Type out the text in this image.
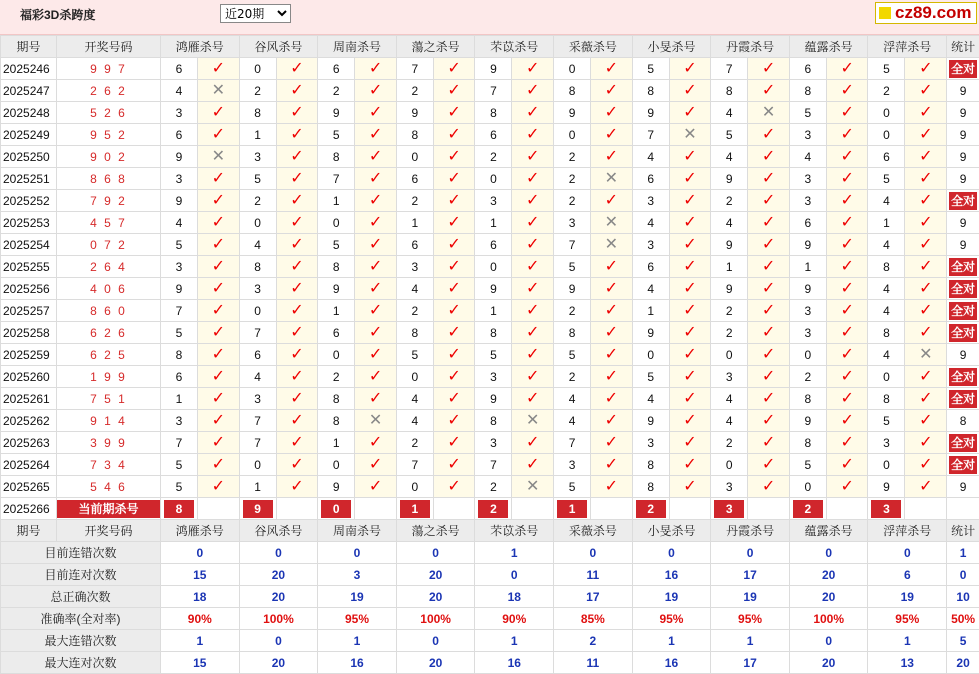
福彩3D杀跨度
近20期	cz89.com
期号	开奖号码	鸿雁杀号		谷风杀号		周南杀号		蕩之杀号		芣苡杀号		采薇杀号		小旻杀号		丹霞杀号		蕴露杀号		浮萍杀号		统计
2025246	9 9 7	6	✓	0	✓	6	✓	7	✓	9	✓	0	✓	5	✓	7	✓	6	✓	5	✓	全对
2025247	2 6 2	4	✕	2	✓	2	✓	2	✓	7	✓	8	✓	8	✓	8	✓	8	✓	2	✓	9
2025248	5 2 6	3	✓	8	✓	9	✓	9	✓	8	✓	9	✓	9	✓	4	✕	5	✓	0	✓	9
2025249	9 5 2	6	✓	1	✓	5	✓	8	✓	6	✓	0	✓	7	✕	5	✓	3	✓	0	✓	9
2025250	9 0 2	9	✕	3	✓	8	✓	0	✓	2	✓	2	✓	4	✓	4	✓	4	✓	6	✓	9
2025251	8 6 8	3	✓	5	✓	7	✓	6	✓	0	✓	2	✕	6	✓	9	✓	3	✓	5	✓	9
2025252	7 9 2	9	✓	2	✓	1	✓	2	✓	3	✓	2	✓	3	✓	2	✓	3	✓	4	✓	全对
2025253	4 5 7	4	✓	0	✓	0	✓	1	✓	1	✓	3	✕	4	✓	4	✓	6	✓	1	✓	9
2025254	0 7 2	5	✓	4	✓	5	✓	6	✓	6	✓	7	✕	3	✓	9	✓	9	✓	4	✓	9
2025255	2 6 4	3	✓	8	✓	8	✓	3	✓	0	✓	5	✓	6	✓	1	✓	1	✓	8	✓	全对
2025256	4 0 6	9	✓	3	✓	9	✓	4	✓	9	✓	9	✓	4	✓	9	✓	9	✓	4	✓	全对
2025257	8 6 0	7	✓	0	✓	1	✓	2	✓	1	✓	2	✓	1	✓	2	✓	3	✓	4	✓	全对
2025258	6 2 6	5	✓	7	✓	6	✓	8	✓	8	✓	8	✓	9	✓	2	✓	3	✓	8	✓	全对
2025259	6 2 5	8	✓	6	✓	0	✓	5	✓	5	✓	5	✓	0	✓	0	✓	0	✓	4	✕	9
2025260	1 9 9	6	✓	4	✓	2	✓	0	✓	3	✓	2	✓	5	✓	3	✓	2	✓	0	✓	全对
2025261	7 5 1	1	✓	3	✓	8	✓	4	✓	9	✓	4	✓	4	✓	4	✓	8	✓	8	✓	全对
2025262	9 1 4	3	✓	7	✓	8	✕	4	✓	8	✕	4	✓	9	✓	4	✓	9	✓	5	✓	8
2025263	3 9 9	7	✓	7	✓	1	✓	2	✓	3	✓	7	✓	3	✓	2	✓	8	✓	3	✓	全对
2025264	7 3 4	5	✓	0	✓	0	✓	7	✓	7	✓	3	✓	8	✓	0	✓	5	✓	0	✓	全对
2025265	5 4 6	5	✓	1	✓	9	✓	0	✓	2	✕	5	✓	8	✓	3	✓	0	✓	9	✓	9
2025266	当前期杀号	8		9		0		1		2		1		2		3		2		3		
期号	开奖号码	鸿雁杀号		谷风杀号		周南杀号		蕩之杀号		芣苡杀号		采薇杀号		小旻杀号		丹霞杀号		蕴露杀号		浮萍杀号		统计
目前连错次数		0		0		0		0		1		0		0		0		0		0		1
目前连对次数		15		20		3		20		0		11		16		17		20		6		0
总正确次数		18		20		19		20		18		17		19		19		20		19		10
准确率(全对率)		90%		100%		95%		100%		90%		85%		95%		95%		100%		95%		50%
最大连错次数		1		0		1		0		1		2		1		1		0		1		5
最大连对次数		15		20		16		20		16		11		16		17		20		13		20
